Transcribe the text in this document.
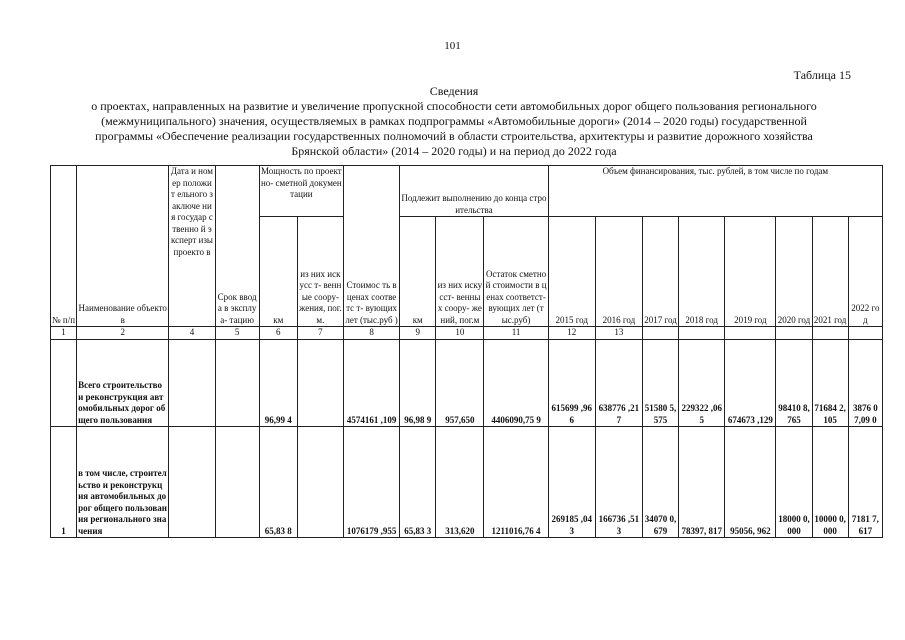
101
Таблица 15
Сведения
о проектах, направленных на развитие и увеличение пропускной способности сети автомобильных дорог общего пользования регионального
(межмуниципального) значения, осуществляемых в рамках подпрограммы «Автомобильные дороги» (2014 – 2020 годы) государственной
программы «Обеспечение реализации государственных полномочий в области строительства, архитектуры и развитие дорожного хозяйства
Брянской области» (2014 – 2020 годы) и на период до 2022 года
№ п/п	Наименование объектов	Дата и номер положит ельного заключе ния государ ственно й эксперт изы проекто в	Срок ввода в эксплу а- тацию	Мощность по проектно- сметной документации		Стоимос ть в ценах соответс т- вующих лет (тыс.руб )	Подлежит выполнению до конца строительства			Объем финансирования, тыс. рублей, в том числе по годам							
				км	из них искусс т- венные соору- жения, пог.м.		км	из них искусст- венных соору- жений, пог.м	Остаток сметной стоимости в ценах соответст- вующих лет (тыс.руб)	2015 год	2016 год	2017 год	2018 год	2019 год	2020 год	2021 год	2022 год
1	2	4	5	6	7	8	9	10	11	12	13						
	Всего строительство и реконструкция автомобильных дорог общего пользования			96,99 4		4574161 ,109	96,98 9	957,650	4406090,75 9	615699 ,966	638776 ,217	51580 5,575	229322 ,065	674673 ,129	98410 8,765	71684 2,105	3876 07,09 0
1	в том числе, строительство и реконструкция автомобильных дорог общего пользования регионального значения			65,83 8		1076179 ,955	65,83 3	313,620	1211016,76 4	269185 ,043	166736 ,513	34070 0,679	78397, 817	95056, 962	18000 0,000	10000 0,000	7181 7,617
